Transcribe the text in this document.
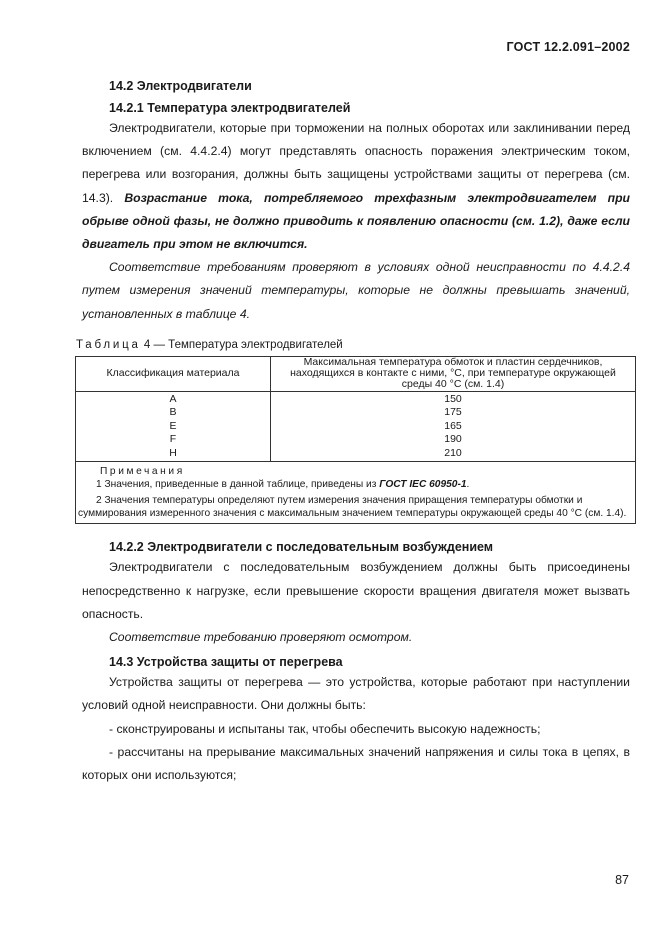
ГОСТ 12.2.091–2002

14.2 Электродвигатели

14.2.1 Температура электродвигателей

Электродвигатели, которые при торможении на полных оборотах или заклинивании перед включением (см. 4.4.2.4) могут представлять опасность поражения электрическим током, перегрева или возгорания, должны быть защищены устройствами защиты от перегрева (см. 14.3). Возрастание тока, потребляемого трехфазным электродвигателем при обрыве одной фазы, не должно приводить к появлению опасности (см. 1.2), даже если двигатель при этом не включится.

Соответствие требованиям проверяют в условиях одной неисправности по 4.4.2.4 путем измерения значений температуры, которые не должны превышать значений, установленных в таблице 4.

Таблица 4 — Температура электродвигателей
Классификация материала	Максимальная температура обмоток и пластин сердечников, находящихся в контакте с ними, °С, при температуре окружающей среды 40 °С (см. 1.4)
A	150
B	175
E	165
F	190
H	210

Примечания
1 Значения, приведенные в данной таблице, приведены из ГОСТ IEC 60950-1.
2 Значения температуры определяют путем измерения значения приращения температуры обмотки и суммирования измеренного значения с максимальным значением температуры окружающей среды 40 °С (см. 1.4).	

14.2.2 Электродвигатели с последовательным возбуждением

Электродвигатели с последовательным возбуждением должны быть присоединены непосредственно к нагрузке, если превышение скорости вращения двигателя может вызвать опасность.

Соответствие требованию проверяют осмотром.

14.3 Устройства защиты от перегрева

Устройства защиты от перегрева — это устройства, которые работают при наступлении условий одной неисправности. Они должны быть:

- сконструированы и испытаны так, чтобы обеспечить высокую надежность;

- рассчитаны на прерывание максимальных значений напряжения и силы тока в цепях, в которых они используются;

87
